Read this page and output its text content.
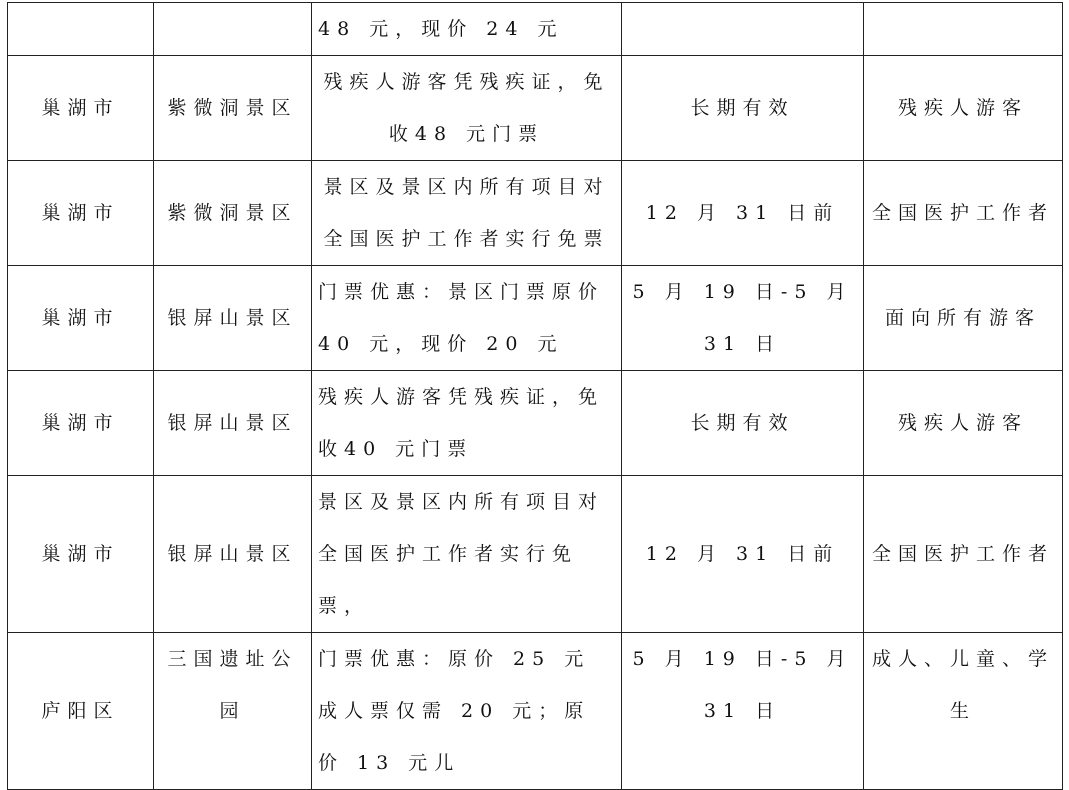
		48 元，现价 24 元		
巢湖市	紫微洞景区	残疾人游客凭残疾证，免收48 元门票	长期有效	残疾人游客
巢湖市	紫微洞景区	景区及景区内所有项目对全国医护工作者实行免票	12 月 31 日前	全国医护工作者
巢湖市	银屏山景区	门票优惠：景区门票原价40 元，现价 20 元	5 月 19 日-5 月 31 日	面向所有游客
巢湖市	银屏山景区	残疾人游客凭残疾证，免收40 元门票	长期有效	残疾人游客
巢湖市	银屏山景区	景区及景区内所有项目对全国医护工作者实行免票，	12 月 31 日前	全国医护工作者
庐阳区	三国遗址公园	门票优惠：原价 25 元成人票仅需 20 元；原价 13 元儿	5 月 19 日-5 月 31 日	成人、儿童、学生
